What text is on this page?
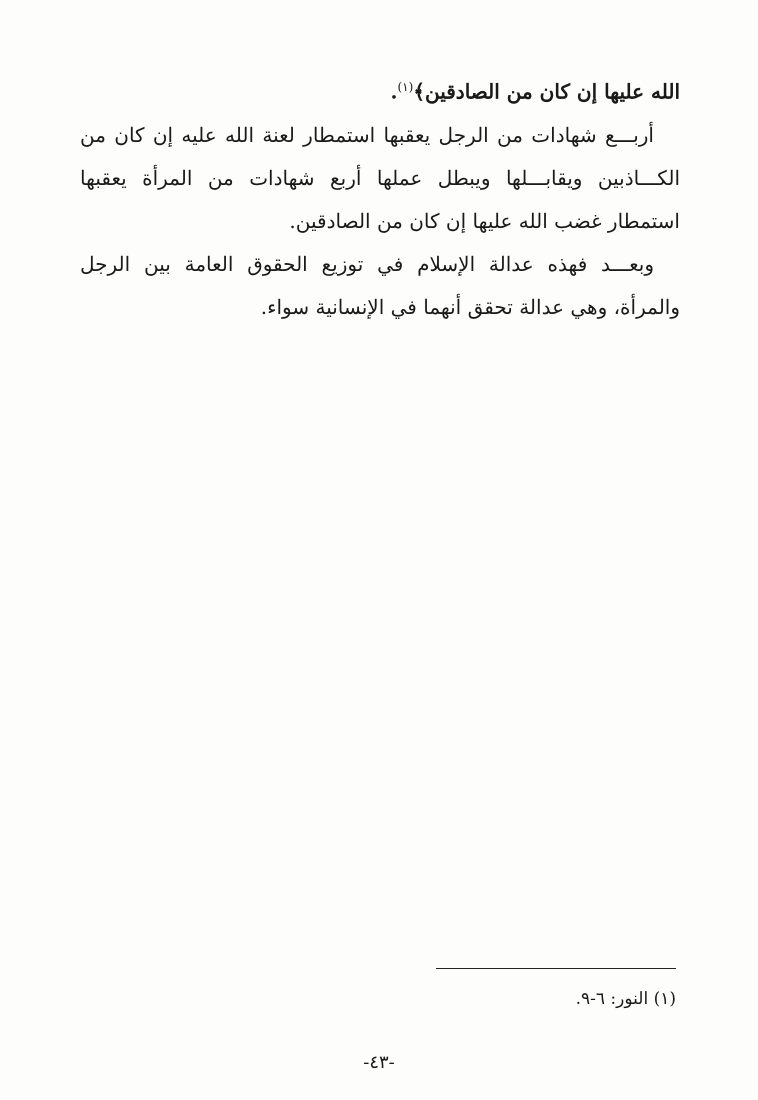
الله عليها إن كان من الصادقين﴾$^{(١)}$.

أربـــع شهادات من الرجل يعقبها استمطار لعنة الله عليه إن كان من الكـــاذبين ويقابـــلها ويبطل عملها أربع شهادات من المرأة يعقبها استمطار غضب الله عليها إن كان من الصادقين.

وبعـــد فهذه عدالة الإسلام في توزيع الحقوق العامة بين الرجل والمرأة، وهي عدالة تحقق أنهما في الإنسانية سواء.

(١) النور: ٦-٩.
-٤٣-
